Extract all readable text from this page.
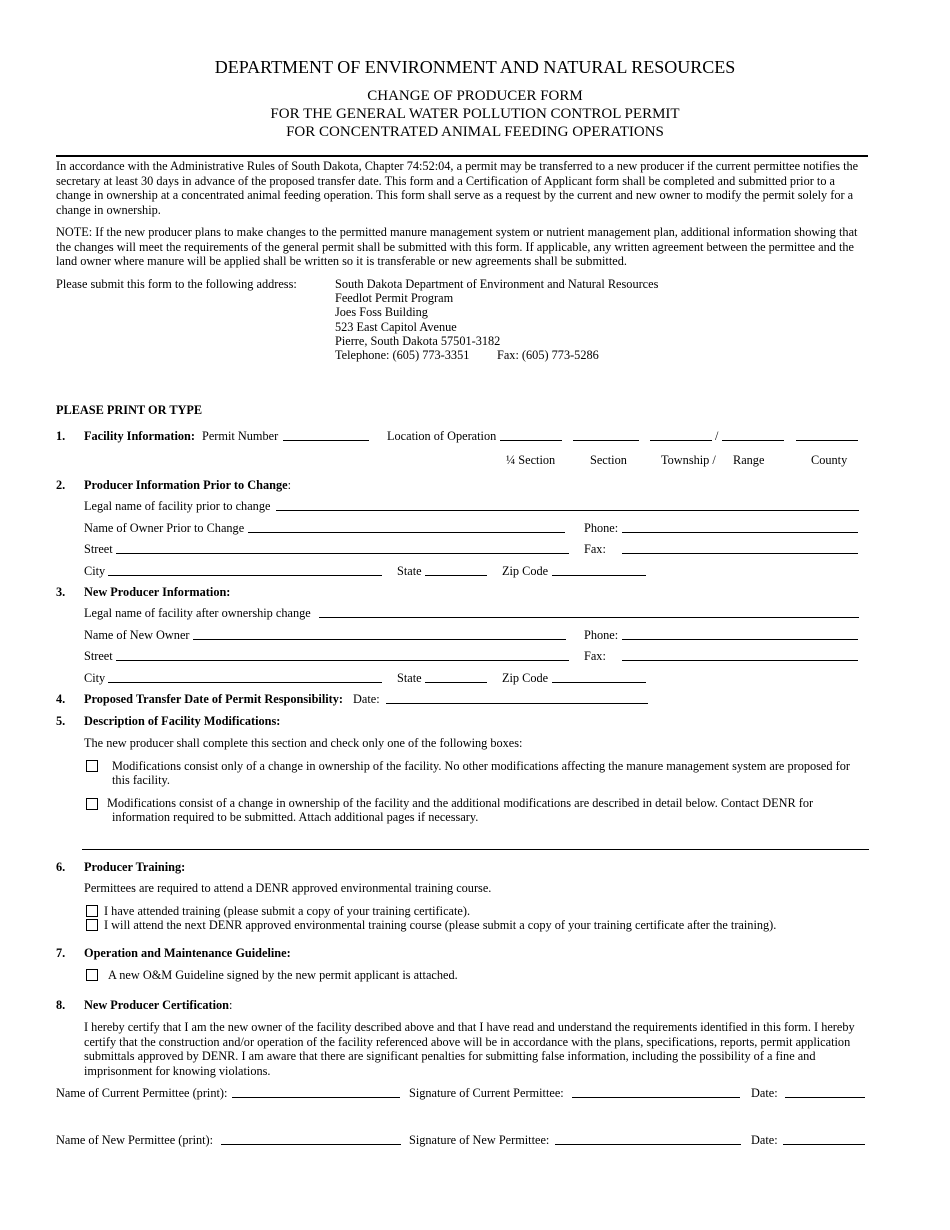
DEPARTMENT OF ENVIRONMENT AND NATURAL RESOURCES
CHANGE OF PRODUCER FORM
FOR THE GENERAL WATER POLLUTION CONTROL PERMIT
FOR CONCENTRATED ANIMAL FEEDING OPERATIONS
In accordance with the Administrative Rules of South Dakota, Chapter 74:52:04, a permit may be transferred to a new producer if the current permittee notifies the secretary at least 30 days in advance of the proposed transfer date. This form and a Certification of Applicant form shall be completed and submitted prior to a change in ownership at a concentrated animal feeding operation. This form shall serve as a request by the current and new owner to modify the permit solely for a change in ownership.
NOTE: If the new producer plans to make changes to the permitted manure management system or nutrient management plan, additional information showing that the changes will meet the requirements of the general permit shall be submitted with this form. If applicable, any written agreement between the permittee and the land owner where manure will be applied shall be written so it is transferable or new agreements shall be submitted.
Please submit this form to the following address:	South Dakota Department of Environment and Natural Resources
Feedlot Permit Program
Joes Foss Building
523 East Capitol Avenue
Pierre, South Dakota 57501-3182
Telephone: (605) 773-3351 Fax: (605) 773-5286
PLEASE PRINT OR TYPE
1. Facility Information: Permit Number	Location of Operation	/
¼ Section	Section	Township / Range	County
2. Producer Information Prior to Change:
Legal name of facility prior to change
Name of Owner Prior to Change	Phone:
Street	Fax:
City	State	Zip Code
3. New Producer Information:
Legal name of facility after ownership change
Name of New Owner	Phone:
Street	Fax:
City	State	Zip Code
4. Proposed Transfer Date of Permit Responsibility: Date:
5. Description of Facility Modifications:
The new producer shall complete this section and check only one of the following boxes:
Modifications consist only of a change in ownership of the facility. No other modifications affecting the manure management system are proposed for
this facility.
Modifications consist of a change in ownership of the facility and the additional modifications are described in detail below. Contact DENR for
information required to be submitted. Attach additional pages if necessary.
6. Producer Training:
Permittees are required to attend a DENR approved environmental training course.
I have attended training (please submit a copy of your training certificate).
I will attend the next DENR approved environmental training course (please submit a copy of your training certificate after the training).
7. Operation and Maintenance Guideline:
A new O&M Guideline signed by the new permit applicant is attached.
8. New Producer Certification:
I hereby certify that I am the new owner of the facility described above and that I have read and understand the requirements identified in this form. I hereby certify that the construction and/or operation of the facility referenced above will be in accordance with the plans, specifications, reports, permit application submittals approved by DENR. I am aware that there are significant penalties for submitting false information, including the possibility of a fine and imprisonment for knowing violations.
Name of Current Permittee (print):	Signature of Current Permittee:	Date:
Name of New Permittee (print):	Signature of New Permittee:	Date:
